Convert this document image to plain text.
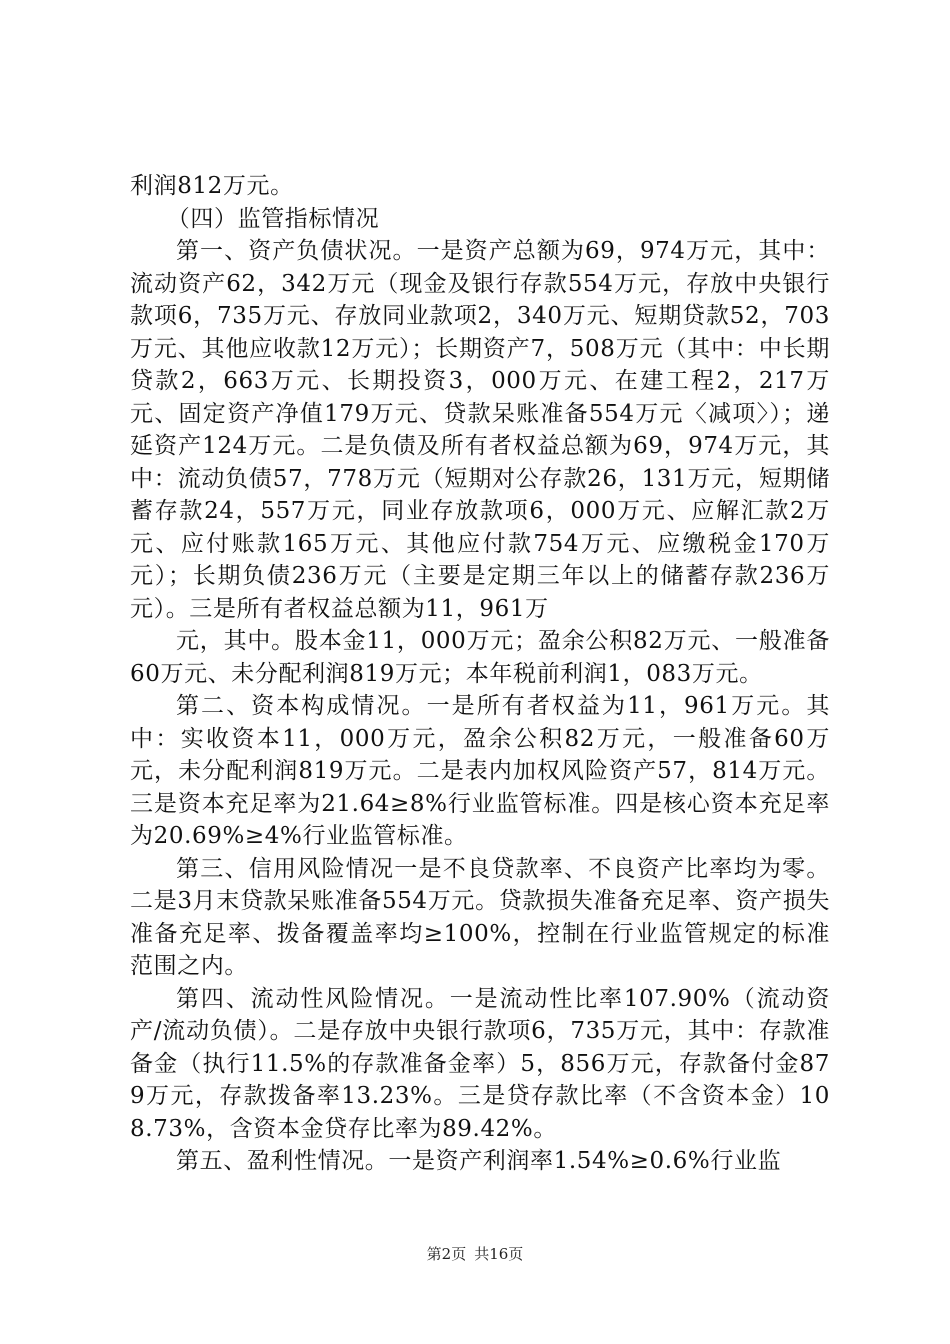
利润812万元。

（四）监管指标情况

第一、资产负债状况。一是资产总额为69，974万元，其中：流动资产62，342万元（现金及银行存款554万元，存放中央银行款项6，735万元、存放同业款项2，340万元、短期贷款52，703万元、其他应收款12万元）；长期资产7，508万元（其中：中长期贷款2，663万元、长期投资3，000万元、在建工程2，217万元、固定资产净值179万元、贷款呆账准备554万元〈减项〉）；递延资产124万元。二是负债及所有者权益总额为69，974万元，其中：流动负债57，778万元（短期对公存款26，131万元，短期储蓄存款24，557万元，同业存放款项6，000万元、应解汇款2万元、应付账款165万元、其他应付款754万元、应缴税金170万元）；长期负债236万元（主要是定期三年以上的储蓄存款236万元）。三是所有者权益总额为11，961万

元，其中。股本金11，000万元；盈余公积82万元、一般准备60万元、未分配利润819万元；本年税前利润1，083万元。

第二、资本构成情况。一是所有者权益为11，961万元。其中：实收资本11，000万元，盈余公积82万元，一般准备60万元，未分配利润819万元。二是表内加权风险资产57，814万元。三是资本充足率为21.64≥8%行业监管标准。四是核心资本充足率为20.69%≥4%行业监管标准。

第三、信用风险情况一是不良贷款率、不良资产比率均为零。二是3月末贷款呆账准备554万元。贷款损失准备充足率、资产损失准备充足率、拨备覆盖率均≥100%，控制在行业监管规定的标准范围之内。

第四、流动性风险情况。一是流动性比率107.90%（流动资产/流动负债）。二是存放中央银行款项6，735万元，其中：存款准备金（执行11.5%的存款准备金率）5，856万元，存款备付金879万元，存款拨备率13.23%。三是贷存款比率（不含资本金）108.73%，含资本金贷存比率为89.42%。

第五、盈利性情况。一是资产利润率1.54%≥0.6%行业监

第2页 共16页
